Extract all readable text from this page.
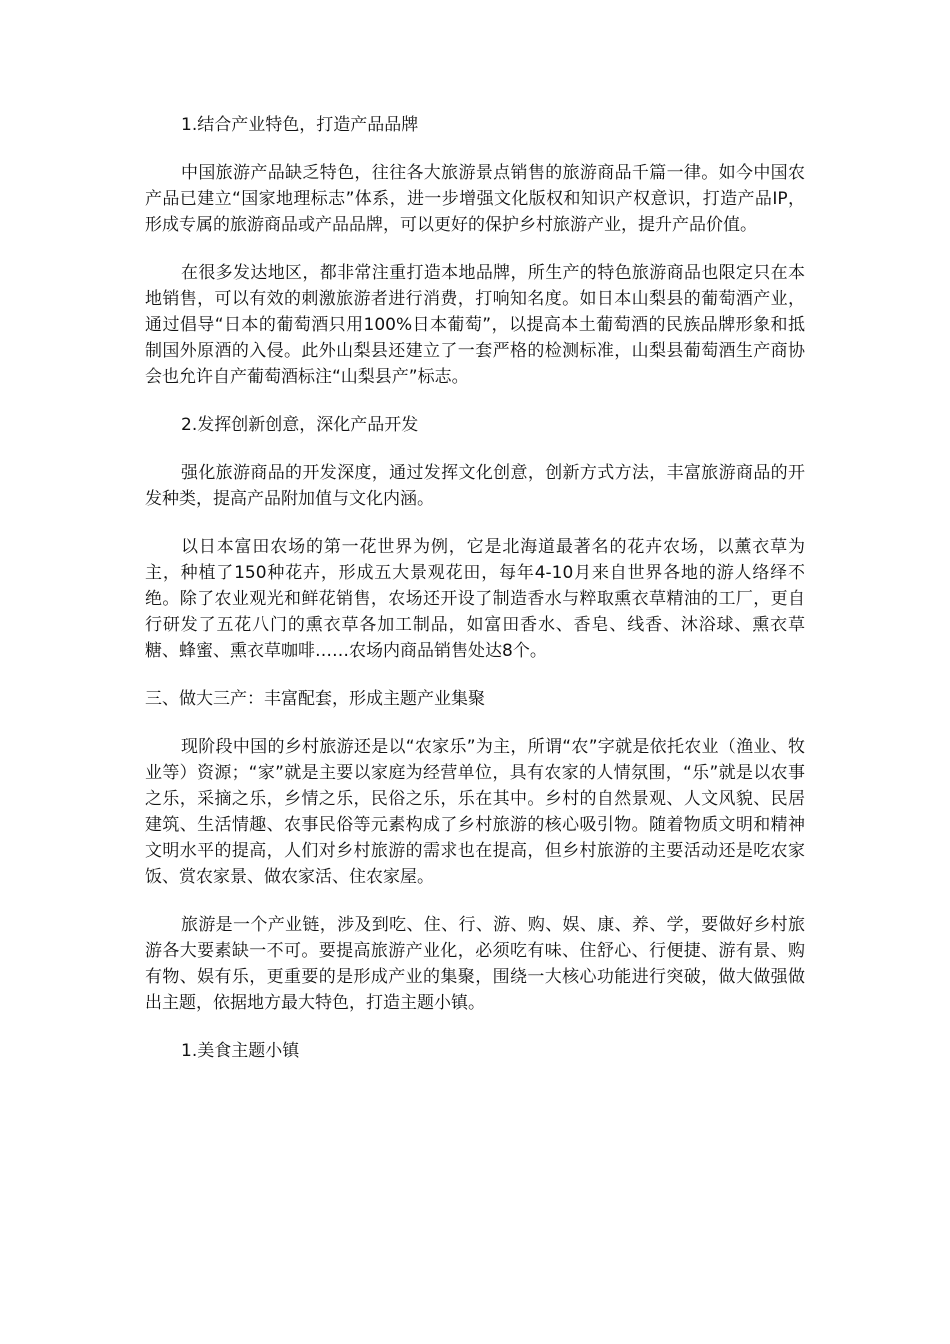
1.结合产业特色，打造产品品牌

中国旅游产品缺乏特色，往往各大旅游景点销售的旅游商品千篇一律。如今中国农产品已建立“国家地理标志”体系，进一步增强文化版权和知识产权意识，打造产品IP，形成专属的旅游商品或产品品牌，可以更好的保护乡村旅游产业，提升产品价值。

在很多发达地区，都非常注重打造本地品牌，所生产的特色旅游商品也限定只在本地销售，可以有效的刺激旅游者进行消费，打响知名度。如日本山梨县的葡萄酒产业，通过倡导“日本的葡萄酒只用100%日本葡萄”，以提高本土葡萄酒的民族品牌形象和抵制国外原酒的入侵。此外山梨县还建立了一套严格的检测标准，山梨县葡萄酒生产商协会也允许自产葡萄酒标注“山梨县产”标志。

2.发挥创新创意，深化产品开发

强化旅游商品的开发深度，通过发挥文化创意，创新方式方法，丰富旅游商品的开发种类，提高产品附加值与文化内涵。

以日本富田农场的第一花世界为例，它是北海道最著名的花卉农场，以薰衣草为主，种植了150种花卉，形成五大景观花田，每年4-10月来自世界各地的游人络绎不绝。除了农业观光和鲜花销售，农场还开设了制造香水与粹取熏衣草精油的工厂，更自行研发了五花八门的熏衣草各加工制品，如富田香水、香皂、线香、沐浴球、熏衣草糖、蜂蜜、熏衣草咖啡……农场内商品销售处达8个。

三、做大三产：丰富配套，形成主题产业集聚

现阶段中国的乡村旅游还是以“农家乐”为主，所谓“农”字就是依托农业（渔业、牧业等）资源；“家”就是主要以家庭为经营单位，具有农家的人情氛围，“乐”就是以农事之乐，采摘之乐，乡情之乐，民俗之乐，乐在其中。乡村的自然景观、人文风貌、民居建筑、生活情趣、农事民俗等元素构成了乡村旅游的核心吸引物。随着物质文明和精神文明水平的提高，人们对乡村旅游的需求也在提高，但乡村旅游的主要活动还是吃农家饭、赏农家景、做农家活、住农家屋。

旅游是一个产业链，涉及到吃、住、行、游、购、娱、康、养、学，要做好乡村旅游各大要素缺一不可。要提高旅游产业化，必须吃有味、住舒心、行便捷、游有景、购有物、娱有乐，更重要的是形成产业的集聚，围绕一大核心功能进行突破，做大做强做出主题，依据地方最大特色，打造主题小镇。

1.美食主题小镇
